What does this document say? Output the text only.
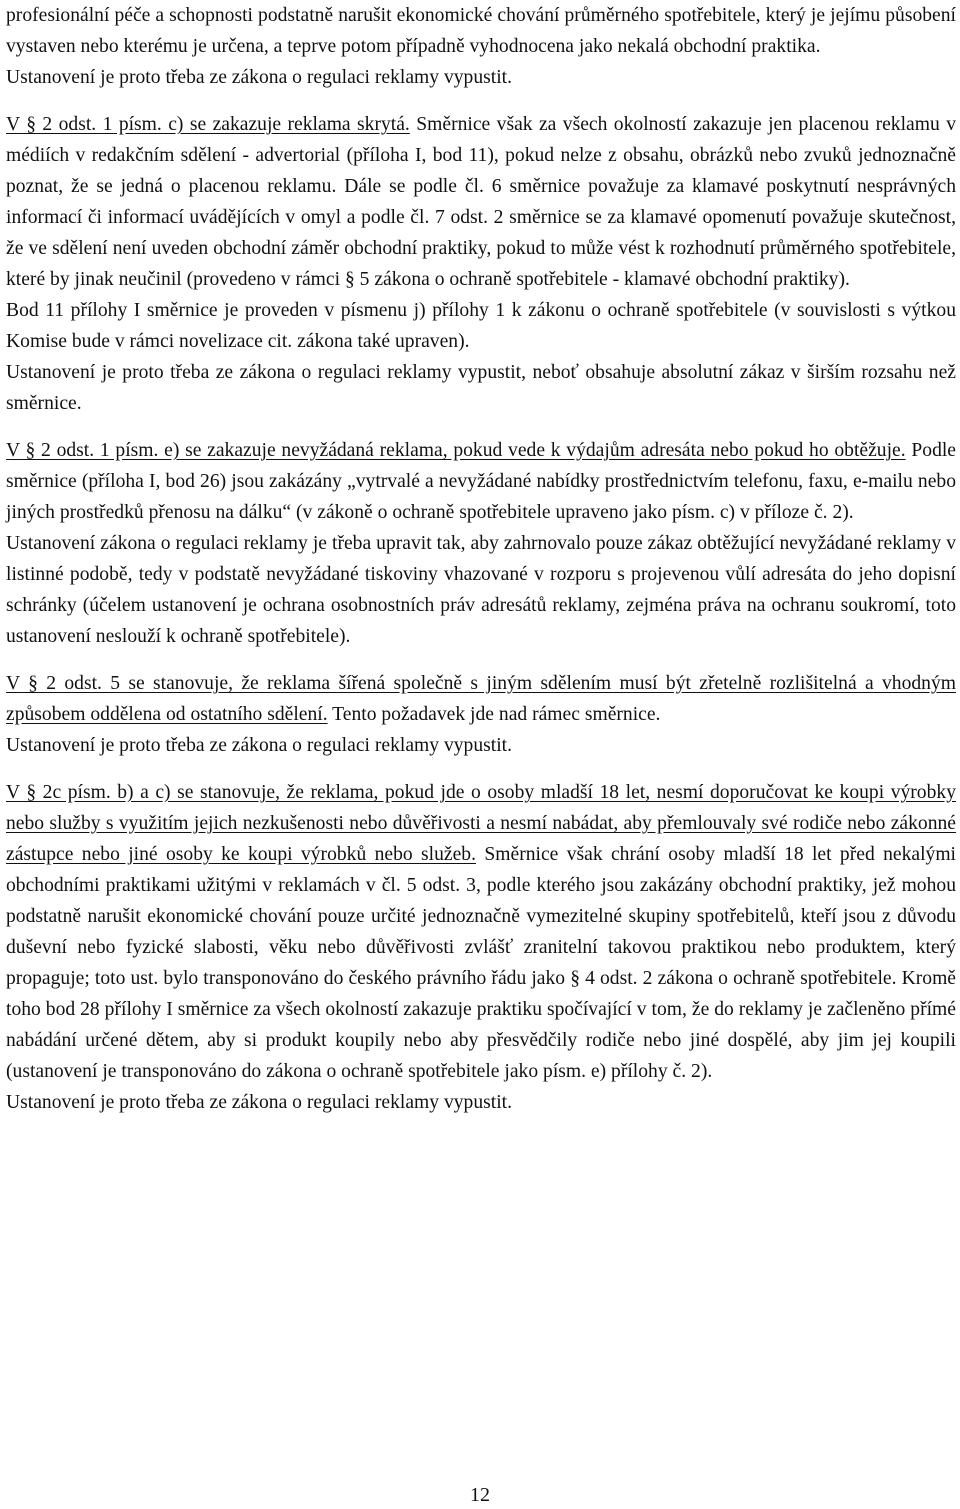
profesionální péče a schopnosti podstatně narušit ekonomické chování průměrného spotřebitele, který je jejímu působení vystaven nebo kterému je určena, a teprve potom případně vyhodnocena jako nekalá obchodní praktika.

Ustanovení je proto třeba ze zákona o regulaci reklamy vypustit.

V § 2 odst. 1 písm. c) se zakazuje reklama skrytá. Směrnice však za všech okolností zakazuje jen placenou reklamu v médiích v redakčním sdělení - advertorial (příloha I, bod 11), pokud nelze z obsahu, obrázků nebo zvuků jednoznačně poznat, že se jedná o placenou reklamu. Dále se podle čl. 6 směrnice považuje za klamavé poskytnutí nesprávných informací či informací uvádějících v omyl a podle čl. 7 odst. 2 směrnice se za klamavé opomenutí považuje skutečnost, že ve sdělení není uveden obchodní záměr obchodní praktiky, pokud to může vést k rozhodnutí průměrného spotřebitele, které by jinak neučinil (provedeno v rámci § 5 zákona o ochraně spotřebitele - klamavé obchodní praktiky).

Bod 11 přílohy I směrnice je proveden v písmenu j) přílohy 1 k zákonu o ochraně spotřebitele (v souvislosti s výtkou Komise bude v rámci novelizace cit. zákona také upraven).

Ustanovení je proto třeba ze zákona o regulaci reklamy vypustit, neboť obsahuje absolutní zákaz v širším rozsahu než směrnice.

V § 2 odst. 1 písm. e) se zakazuje nevyžádaná reklama, pokud vede k výdajům adresáta nebo pokud ho obtěžuje. Podle směrnice (příloha I, bod 26) jsou zakázány „vytrvalé a nevyžádané nabídky prostřednictvím telefonu, faxu, e-mailu nebo jiných prostředků přenosu na dálku“ (v zákoně o ochraně spotřebitele upraveno jako písm. c) v příloze č. 2).

Ustanovení zákona o regulaci reklamy je třeba upravit tak, aby zahrnovalo pouze zákaz obtěžující nevyžádané reklamy v listinné podobě, tedy v podstatě nevyžádané tiskoviny vhazované v rozporu s projevenou vůlí adresáta do jeho dopisní schránky (účelem ustanovení je ochrana osobnostních práv adresátů reklamy, zejména práva na ochranu soukromí, toto ustanovení neslouží k ochraně spotřebitele).

V § 2 odst. 5 se stanovuje, že reklama šířená společně s jiným sdělením musí být zřetelně rozlišitelná a vhodným způsobem oddělena od ostatního sdělení. Tento požadavek jde nad rámec směrnice.

Ustanovení je proto třeba ze zákona o regulaci reklamy vypustit.

V § 2c písm. b) a c) se stanovuje, že reklama, pokud jde o osoby mladší 18 let, nesmí doporučovat ke koupi výrobky nebo služby s využitím jejich nezkušenosti nebo důvěřivosti a nesmí nabádat, aby přemlouvaly své rodiče nebo zákonné zástupce nebo jiné osoby ke koupi výrobků nebo služeb. Směrnice však chrání osoby mladší 18 let před nekalými obchodními praktikami užitými v reklamách v čl. 5 odst. 3, podle kterého jsou zakázány obchodní praktiky, jež mohou podstatně narušit ekonomické chování pouze určité jednoznačně vymezitelné skupiny spotřebitelů, kteří jsou z důvodu duševní nebo fyzické slabosti, věku nebo důvěřivosti zvlášť zranitelní takovou praktikou nebo produktem, který propaguje; toto ust. bylo transponováno do českého právního řádu jako § 4 odst. 2 zákona o ochraně spotřebitele. Kromě toho bod 28 přílohy I směrnice za všech okolností zakazuje praktiku spočívající v tom, že do reklamy je začleněno přímé nabádání určené dětem, aby si produkt koupily nebo aby přesvědčily rodiče nebo jiné dospělé, aby jim jej koupili (ustanovení je transponováno do zákona o ochraně spotřebitele jako písm. e) přílohy č. 2).

Ustanovení je proto třeba ze zákona o regulaci reklamy vypustit.

12
